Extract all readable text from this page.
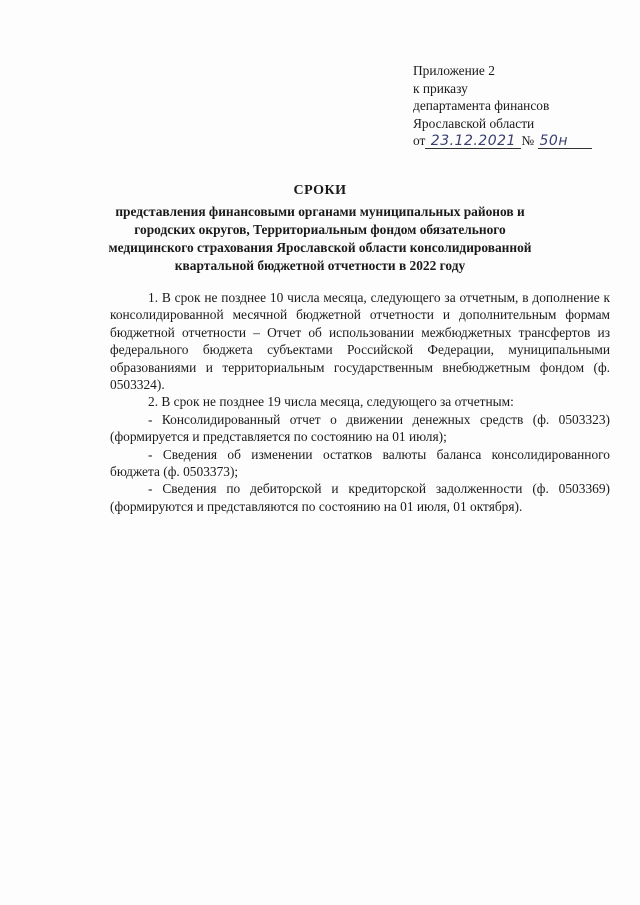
Приложение 2
к приказу
департамента финансов
Ярославской области
от 23.12.2021 № 50н
СРОКИ
представления финансовыми органами муниципальных районов и
городских округов, Территориальным фондом обязательного
медицинского страхования Ярославской области консолидированной
квартальной бюджетной отчетности в 2022 году

1. В срок не позднее 10 числа месяца, следующего за отчетным, в дополнение к консолидированной месячной бюджетной отчетности и дополнительным формам бюджетной отчетности – Отчет об использовании межбюджетных трансфертов из федерального бюджета субъектами Российской Федерации, муниципальными образованиями и территориальным государственным внебюджетным фондом (ф. 0503324).

2. В срок не позднее 19 числа месяца, следующего за отчетным:

- Консолидированный отчет о движении денежных средств (ф. 0503323) (формируется и представляется по состоянию на 01 июля);

- Сведения об изменении остатков валюты баланса консолидированного бюджета (ф. 0503373);

- Сведения по дебиторской и кредиторской задолженности (ф. 0503369) (формируются и представляются по состоянию на 01 июля, 01 октября).
